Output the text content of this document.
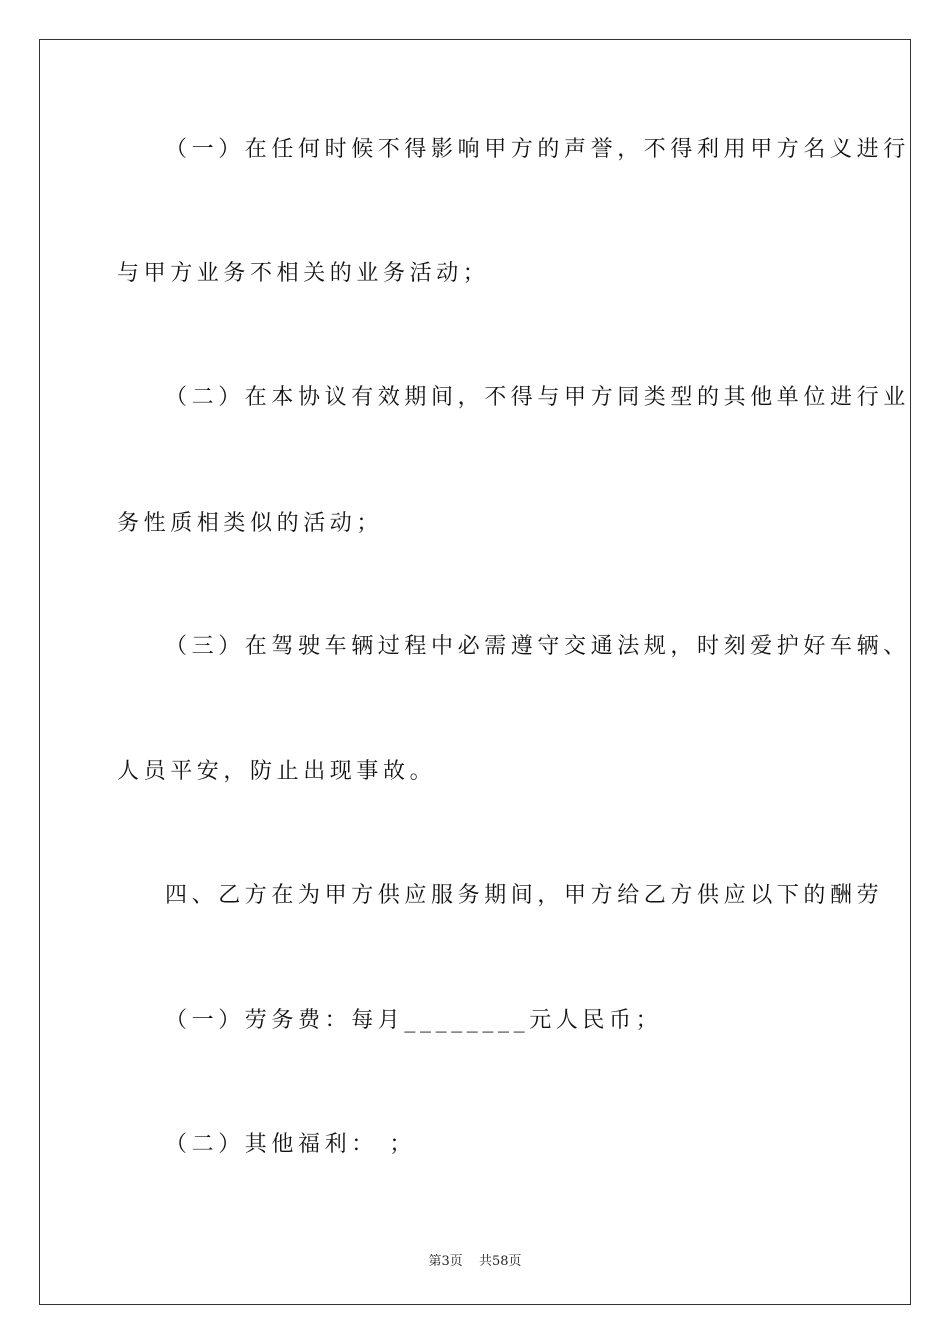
（一）在任何时候不得影响甲方的声誉，不得利用甲方名义进行
与甲方业务不相关的业务活动；
（二）在本协议有效期间，不得与甲方同类型的其他单位进行业
务性质相类似的活动；
（三）在驾驶车辆过程中必需遵守交通法规，时刻爱护好车辆、
人员平安，防止出现事故。
四、乙方在为甲方供应服务期间，甲方给乙方供应以下的酬劳
（一）劳务费：每月________元人民币；
（二）其他福利： ；
第3页 共58页
